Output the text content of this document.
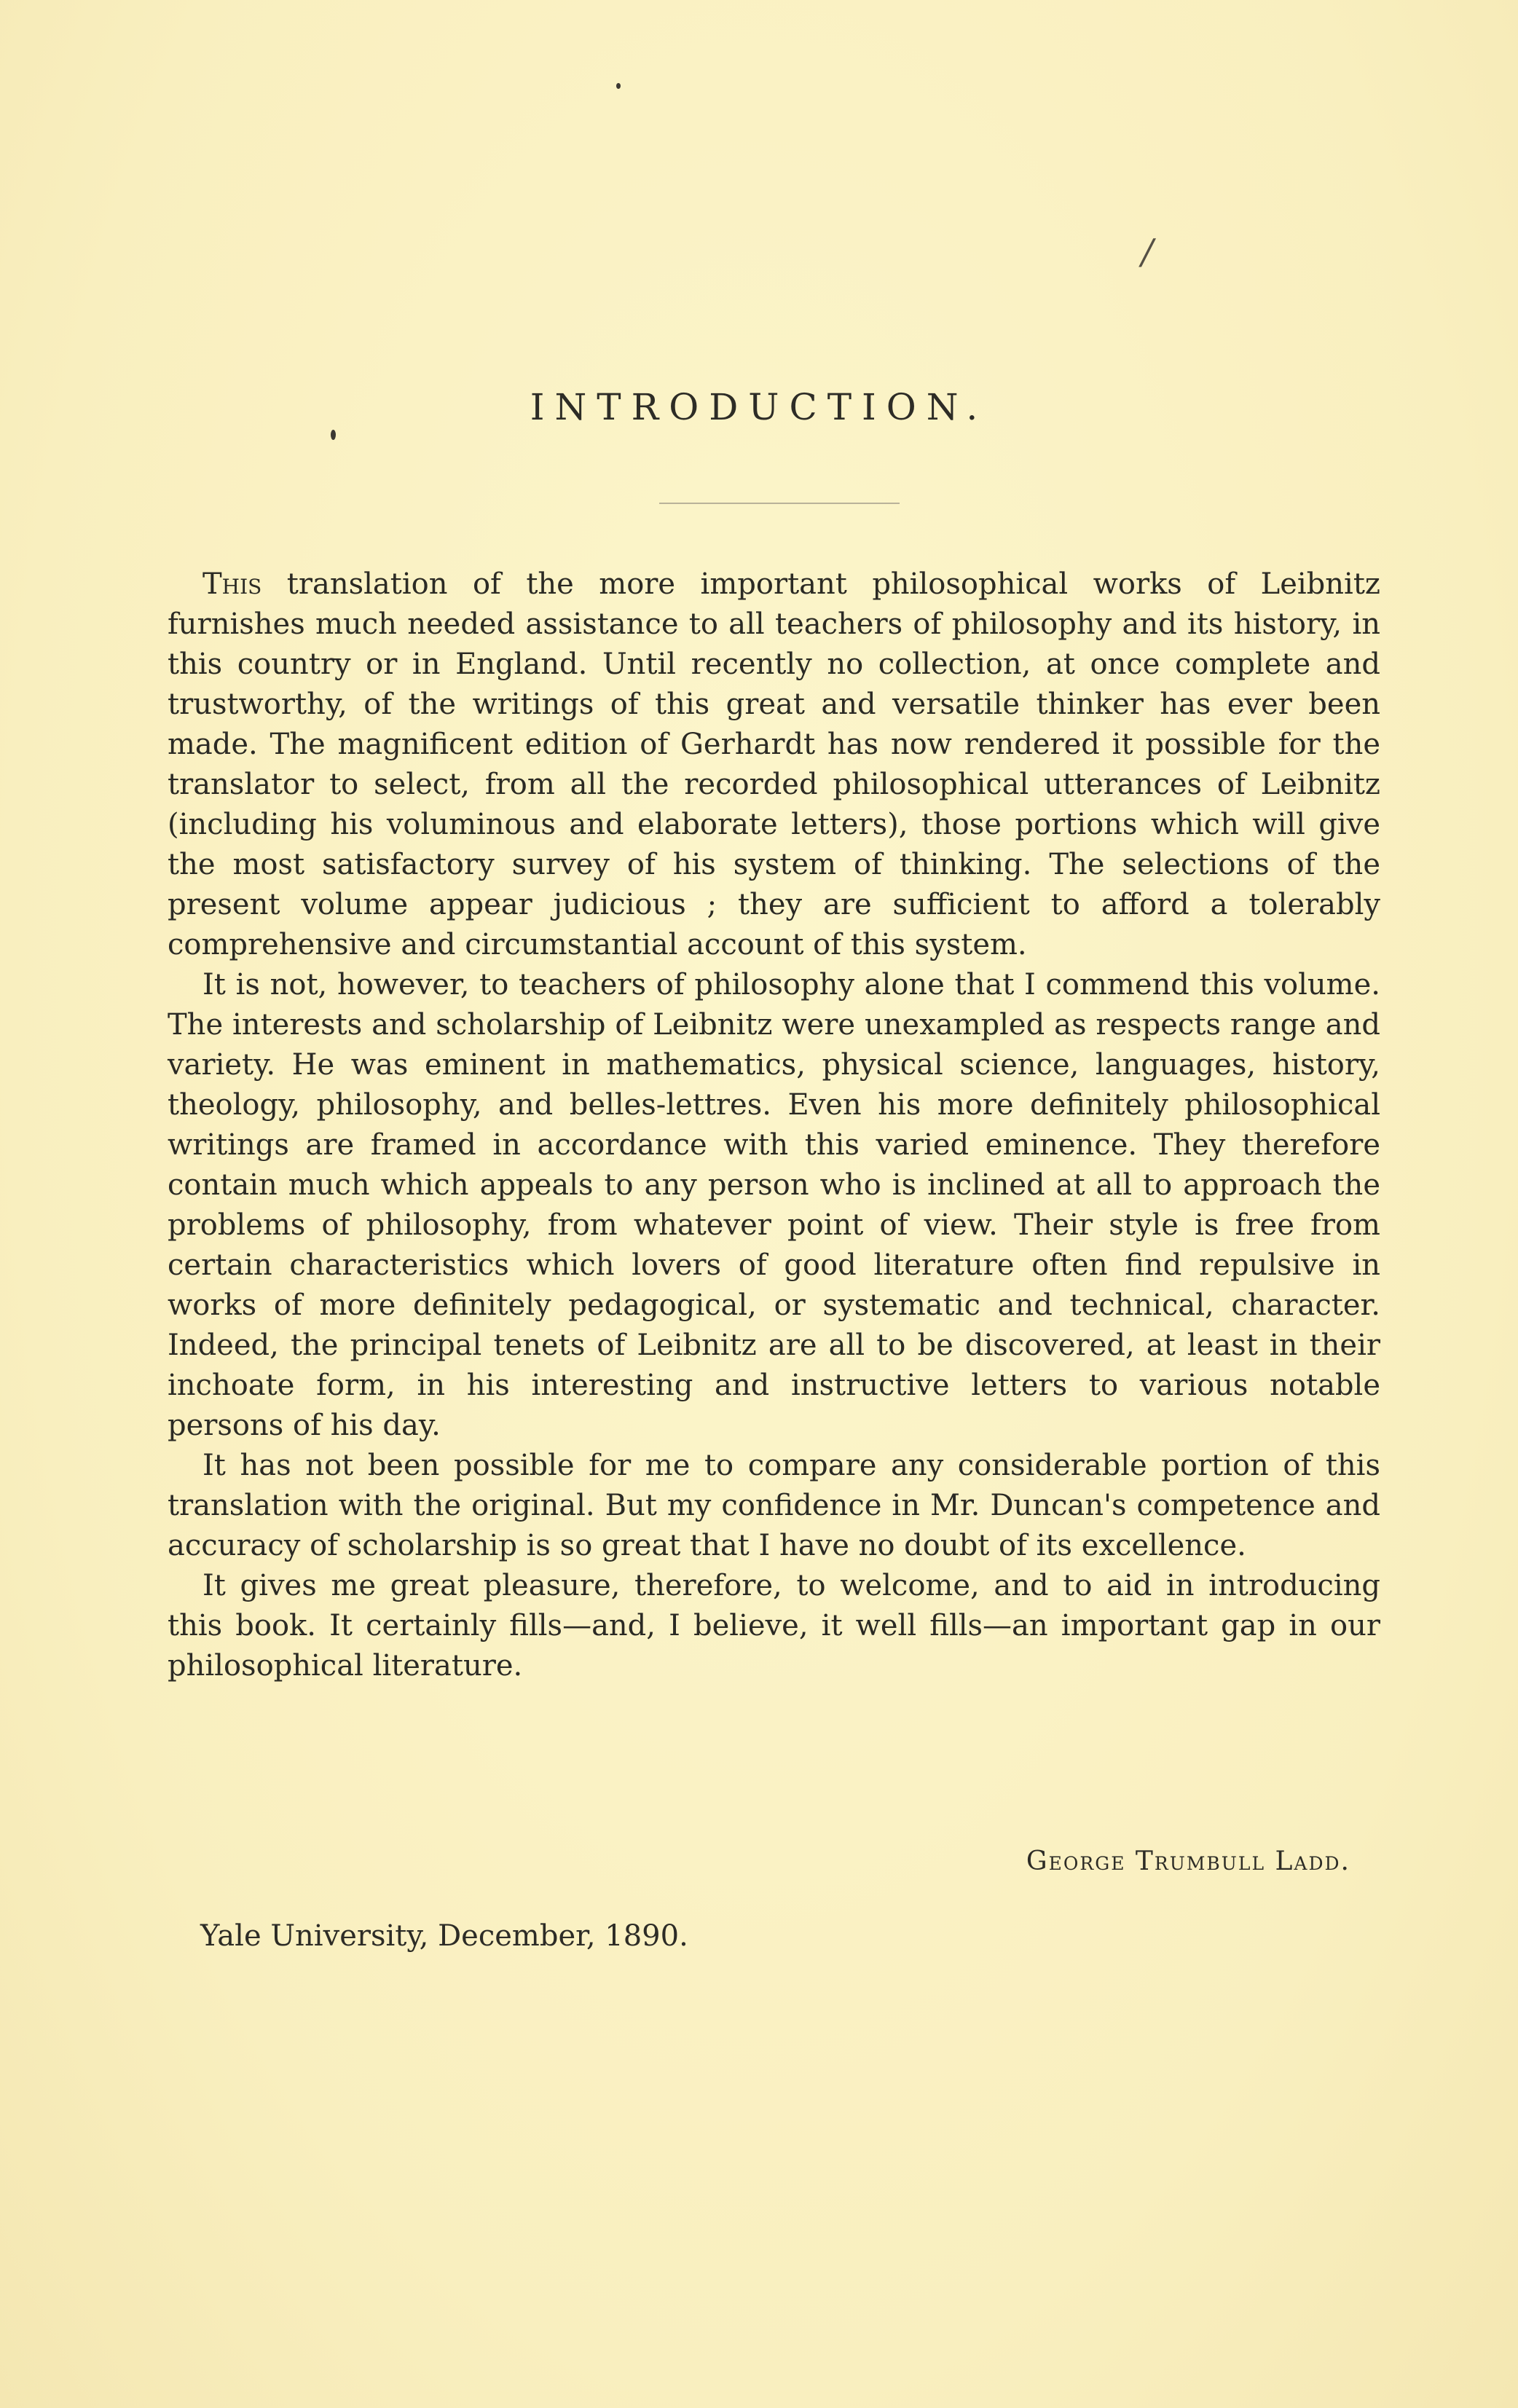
/
INTRODUCTION.

This translation of the more important philosophical works of Leibnitz furnishes much needed assistance to all teachers of philosophy and its history, in this country or in England. Until recently no collection, at once complete and trustworthy, of the writings of this great and versatile thinker has ever been made. The magnificent edition of Gerhardt has now rendered it possible for the translator to select, from all the recorded philosophical utterances of Leibnitz (including his voluminous and elaborate letters), those portions which will give the most satisfactory survey of his system of thinking. The selections of the present volume appear judicious ; they are sufficient to afford a tolerably comprehensive and circumstantial account of this system.

It is not, however, to teachers of philosophy alone that I commend this volume. The interests and scholarship of Leibnitz were unexampled as respects range and variety. He was eminent in mathematics, physical science, languages, history, theology, philosophy, and belles-lettres. Even his more definitely philosophical writings are framed in accordance with this varied eminence. They therefore contain much which appeals to any person who is inclined at all to approach the problems of philosophy, from whatever point of view. Their style is free from certain characteristics which lovers of good literature often find repulsive in works of more definitely pedagogical, or systematic and technical, character. Indeed, the principal tenets of Leibnitz are all to be discovered, at least in their inchoate form, in his interesting and instructive letters to various notable persons of his day.

It has not been possible for me to compare any considerable portion of this translation with the original. But my confidence in Mr. Duncan's competence and accuracy of scholarship is so great that I have no doubt of its excellence.

It gives me great pleasure, therefore, to welcome, and to aid in introducing this book. It certainly fills—and, I believe, it well fills—an important gap in our philosophical literature.

George Trumbull Ladd.
Yale University, December, 1890.
